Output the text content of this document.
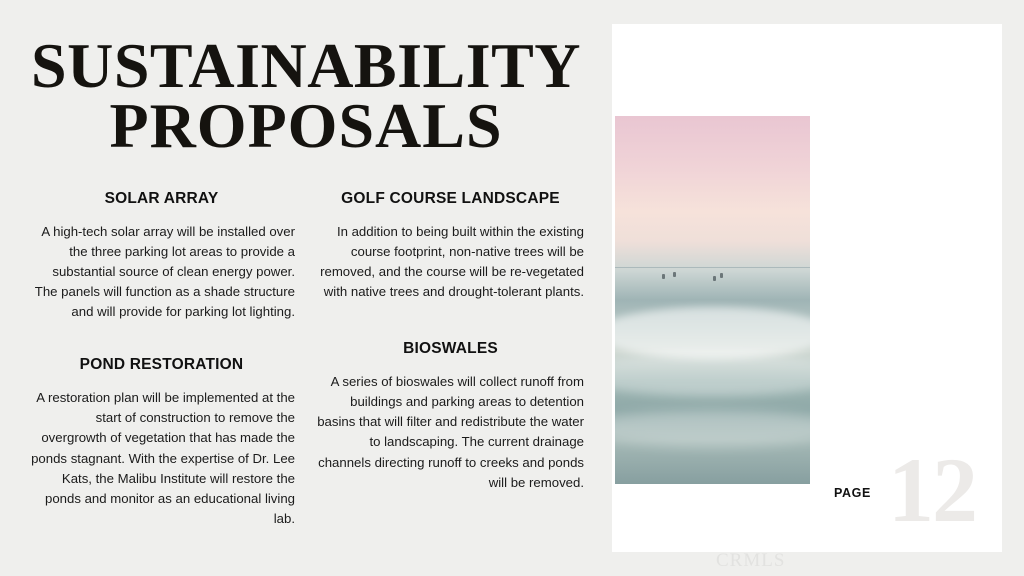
SUSTAINABILITY
PROPOSALS
SOLAR ARRAY

A high-tech solar array will be installed over the three parking lot areas to provide a substantial source of clean energy power. The panels will function as a shade structure and will provide for parking lot lighting.

POND RESTORATION

A restoration plan will be implemented at the start of construction to remove the overgrowth of vegetation that has made the ponds stagnant. With the expertise of Dr. Lee Kats, the Malibu Institute will restore the ponds and monitor as an educational living lab.

GOLF COURSE LANDSCAPE

In addition to being built within the existing course footprint, non-native trees will be removed, and the course will be re-vegetated with native trees and drought-tolerant plants.

BIOSWALES

A series of bioswales will collect runoff from buildings and parking areas to detention basins that will filter and redistribute the water to landscaping. The current drainage channels directing runoff to creeks and ponds will be removed.	12
PAGE
CRMLS
